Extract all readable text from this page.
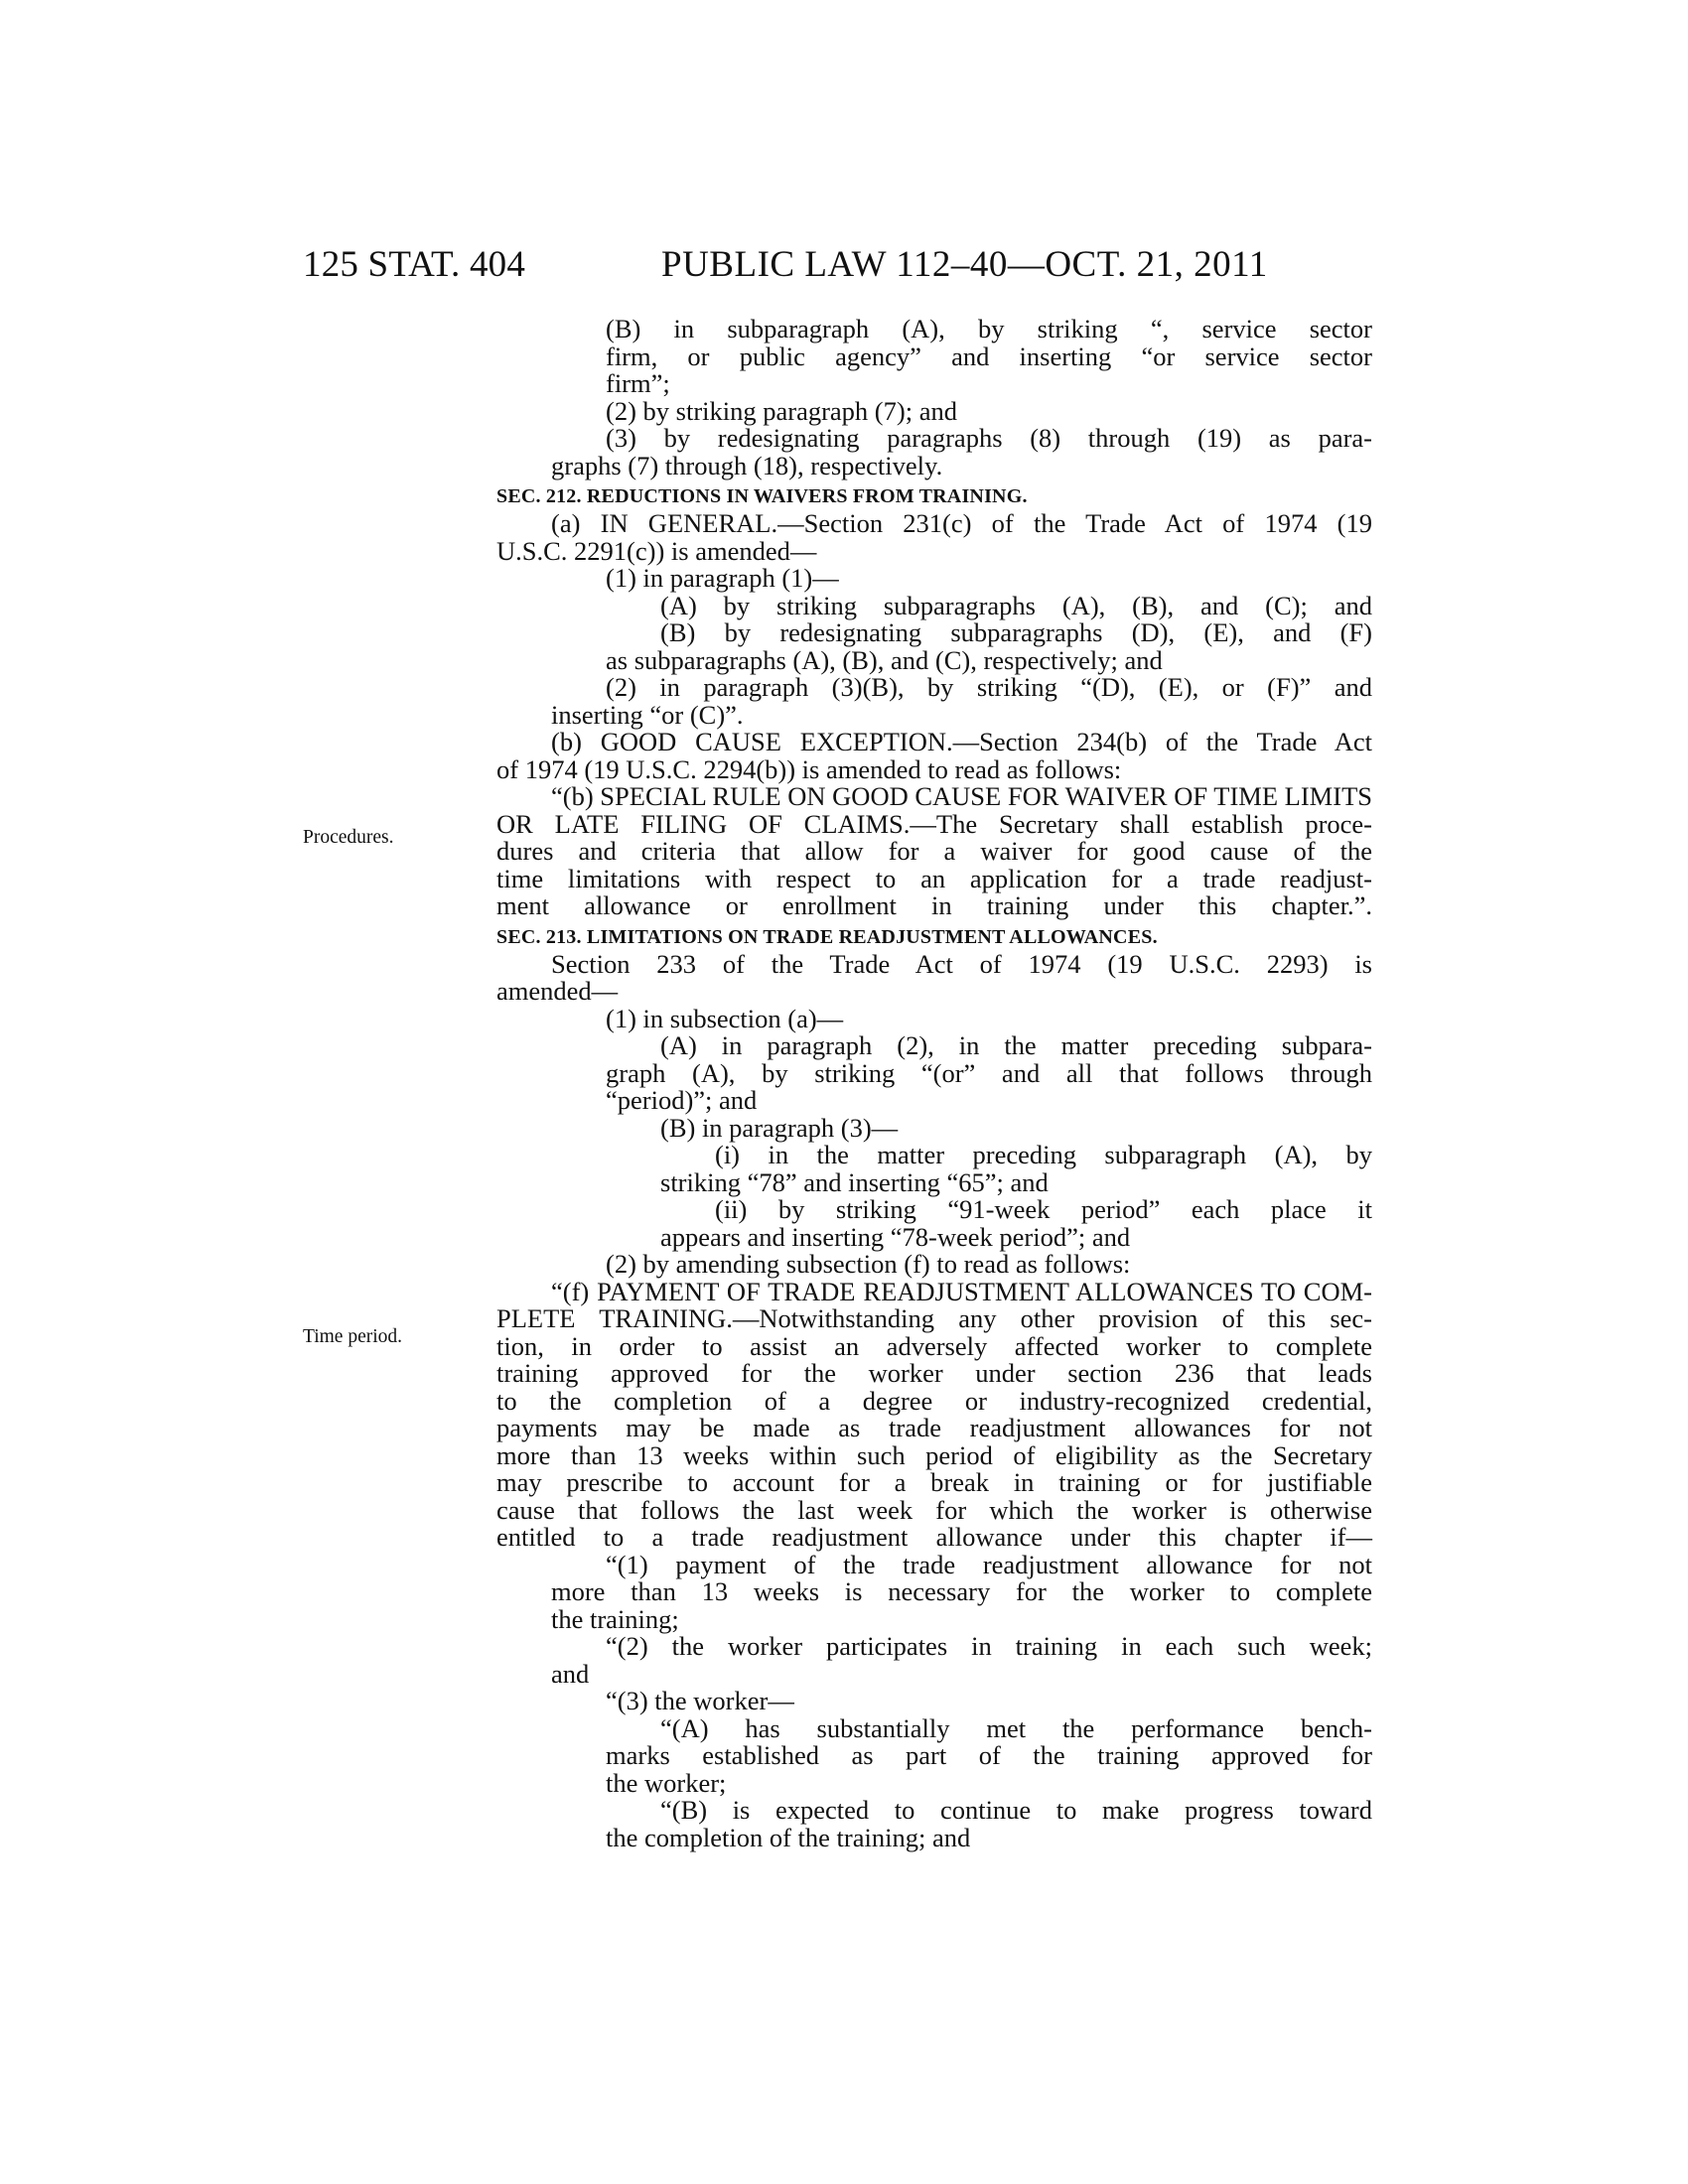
125 STAT. 404	PUBLIC LAW 112–40—OCT. 21, 2011
Procedures.
Time period.
(B) in subparagraph (A), by striking “, service sector
firm, or public agency” and inserting “or service sector
firm”;
(2) by striking paragraph (7); and
(3) by redesignating paragraphs (8) through (19) as para-
graphs (7) through (18), respectively.
SEC. 212. REDUCTIONS IN WAIVERS FROM TRAINING.
(a) IN GENERAL.—Section 231(c) of the Trade Act of 1974 (19
U.S.C. 2291(c)) is amended—
(1) in paragraph (1)—
(A) by striking subparagraphs (A), (B), and (C); and
(B) by redesignating subparagraphs (D), (E), and (F)
as subparagraphs (A), (B), and (C), respectively; and
(2) in paragraph (3)(B), by striking “(D), (E), or (F)” and
inserting “or (C)”.
(b) GOOD CAUSE EXCEPTION.—Section 234(b) of the Trade Act
of 1974 (19 U.S.C. 2294(b)) is amended to read as follows:
“(b) SPECIAL RULE ON GOOD CAUSE FOR WAIVER OF TIME LIMITS
OR LATE FILING OF CLAIMS.—The Secretary shall establish proce-
dures and criteria that allow for a waiver for good cause of the
time limitations with respect to an application for a trade readjust-
ment allowance or enrollment in training under this chapter.”.
SEC. 213. LIMITATIONS ON TRADE READJUSTMENT ALLOWANCES.
Section 233 of the Trade Act of 1974 (19 U.S.C. 2293) is
amended—
(1) in subsection (a)—
(A) in paragraph (2), in the matter preceding subpara-
graph (A), by striking “(or” and all that follows through
“period)”; and
(B) in paragraph (3)—
(i) in the matter preceding subparagraph (A), by
striking “78” and inserting “65”; and
(ii) by striking “91-week period” each place it
appears and inserting “78-week period”; and
(2) by amending subsection (f) to read as follows:
“(f) PAYMENT OF TRADE READJUSTMENT ALLOWANCES TO COM-
PLETE TRAINING.—Notwithstanding any other provision of this sec-
tion, in order to assist an adversely affected worker to complete
training approved for the worker under section 236 that leads
to the completion of a degree or industry-recognized credential,
payments may be made as trade readjustment allowances for not
more than 13 weeks within such period of eligibility as the Secretary
may prescribe to account for a break in training or for justifiable
cause that follows the last week for which the worker is otherwise
entitled to a trade readjustment allowance under this chapter if—
“(1) payment of the trade readjustment allowance for not
more than 13 weeks is necessary for the worker to complete
the training;
“(2) the worker participates in training in each such week;
and
“(3) the worker—
“(A) has substantially met the performance bench-
marks established as part of the training approved for
the worker;
“(B) is expected to continue to make progress toward
the completion of the training; and
